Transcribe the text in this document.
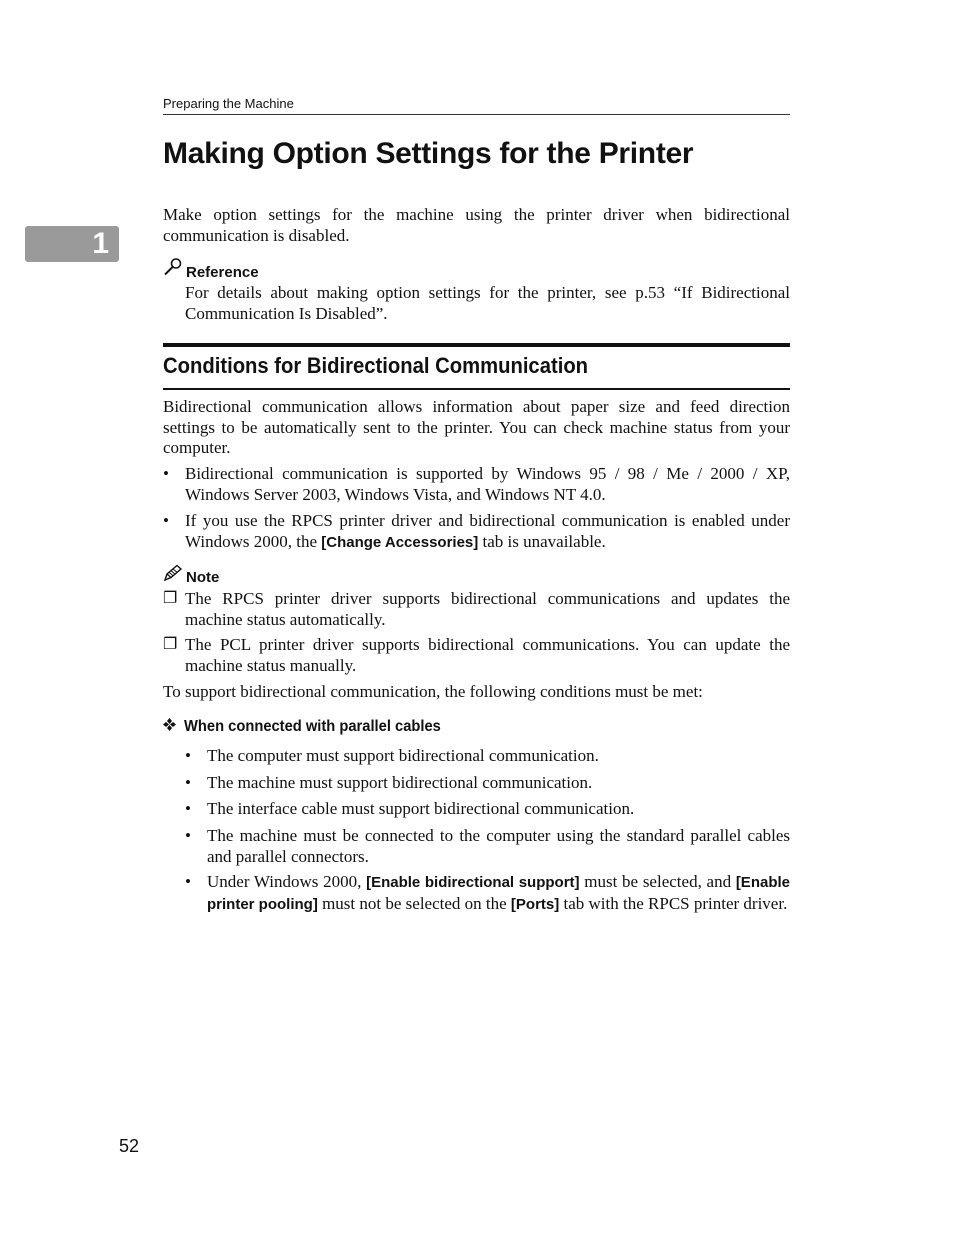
Preparing the Machine
Making Option Settings for the Printer
1

Make option settings for the machine using the printer driver when bidirectional communication is disabled.

Reference

For details about making option settings for the printer, see p.53 “If Bidirectional Communication Is Disabled”.

Conditions for Bidirectional Communication

Bidirectional communication allows information about paper size and feed direction settings to be automatically sent to the printer. You can check machine status from your computer.

• Bidirectional communication is supported by Windows 95 / 98 / Me / 2000 / XP, Windows Server 2003, Windows Vista, and Windows NT 4.0.

• If you use the RPCS printer driver and bidirectional communication is enabled under Windows 2000, the [Change Accessories] tab is unavailable.

Note
❐ The RPCS printer driver supports bidirectional communications and updates the machine status automatically.

❐ The PCL printer driver supports bidirectional communications. You can update the machine status manually.

To support bidirectional communication, the following conditions must be met:

When connected with parallel cables
• The computer must support bidirectional communication.

• The machine must support bidirectional communication.

• The interface cable must support bidirectional communication.

• The machine must be connected to the computer using the standard parallel cables and parallel connectors.

• Under Windows 2000, [Enable bidirectional support] must be selected, and [Enable printer pooling] must not be selected on the [Ports] tab with the RPCS printer driver.

52
